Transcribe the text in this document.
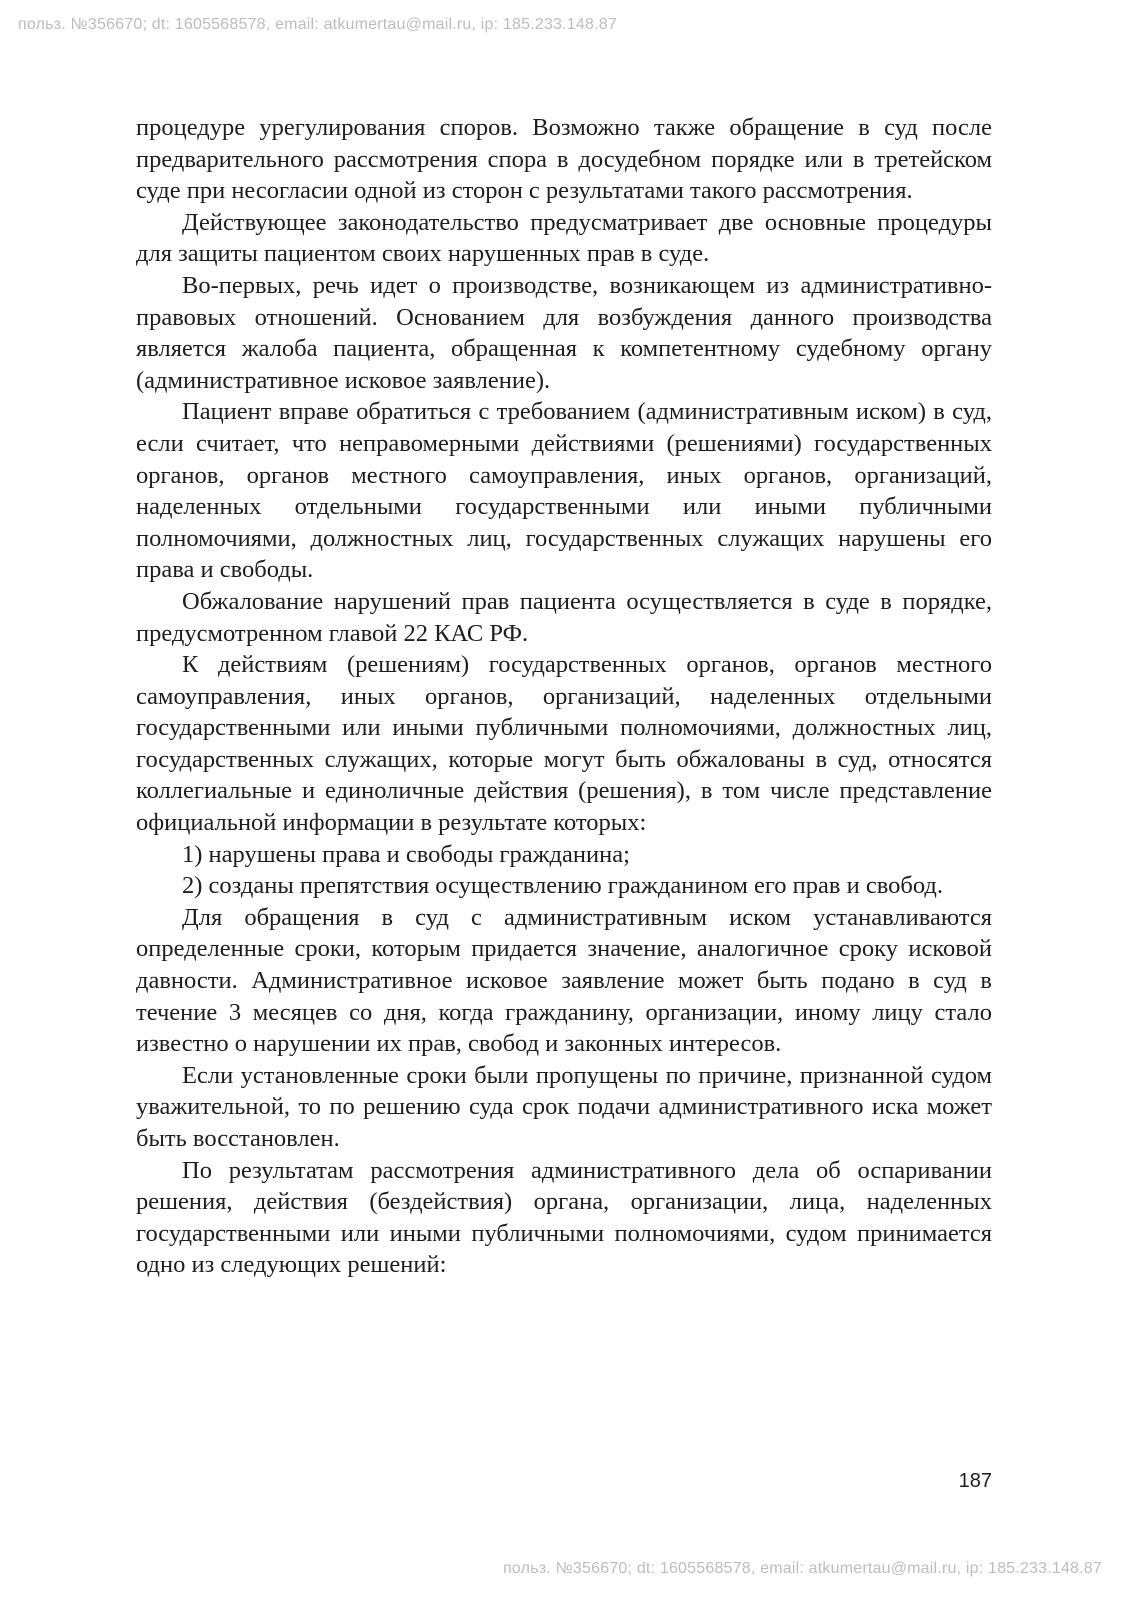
польз. №356670; dt: 1605568578, email: atkumertau@mail.ru, ip: 185.233.148.87

процедуре урегулирования споров. Возможно также обращение в суд после предварительного рассмотрения спора в досудебном порядке или в третейском суде при несогласии одной из сторон с результатами такого рассмотрения.

Действующее законодательство предусматривает две основные процедуры для защиты пациентом своих нарушенных прав в суде.

Во-первых, речь идет о производстве, возникающем из административно-правовых отношений. Основанием для возбуждения данного производства является жалоба пациента, обращенная к компетентному судебному органу (административное исковое заявление).

Пациент вправе обратиться с требованием (административным иском) в суд, если считает, что неправомерными действиями (решениями) государственных органов, органов местного самоуправления, иных органов, организаций, наделенных отдельными государственными или иными публичными полномочиями, должностных лиц, государственных служащих нарушены его права и свободы.

Обжалование нарушений прав пациента осуществляется в суде в порядке, предусмотренном главой 22 КАС РФ.

К действиям (решениям) государственных органов, органов местного самоуправления, иных органов, организаций, наделенных отдельными государственными или иными публичными полномочиями, должностных лиц, государственных служащих, которые могут быть обжалованы в суд, относятся коллегиальные и единоличные действия (решения), в том числе представление официальной информации в результате которых:

1) нарушены права и свободы гражданина;

2) созданы препятствия осуществлению гражданином его прав и свобод.

Для обращения в суд с административным иском устанавливаются определенные сроки, которым придается значение, аналогичное сроку исковой давности. Административное исковое заявление может быть подано в суд в течение 3 месяцев со дня, когда гражданину, организации, иному лицу стало известно о нарушении их прав, свобод и законных интересов.

Если установленные сроки были пропущены по причине, признанной судом уважительной, то по решению суда срок подачи административного иска может быть восстановлен.

По результатам рассмотрения административного дела об оспаривании решения, действия (бездействия) органа, организации, лица, наделенных государственными или иными публичными полномочиями, судом принимается одно из следующих решений:

187
польз. №356670; dt: 1605568578, email: atkumertau@mail.ru, ip: 185.233.148.87
